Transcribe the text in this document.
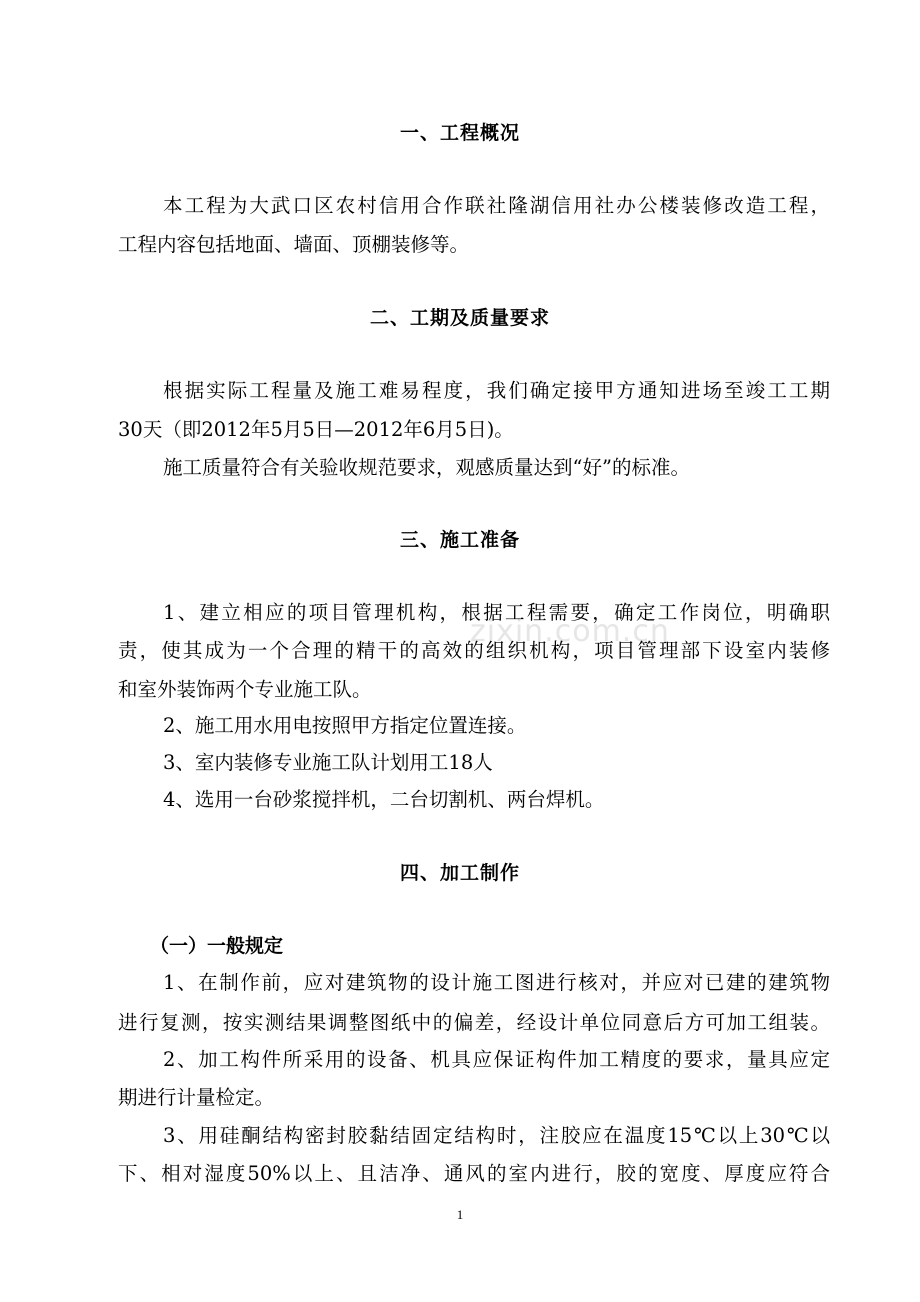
zixin.com.cn
一、工程概况
本工程为大武口区农村信用合作联社隆湖信用社办公楼装修改造工程，
工程内容包括地面、墙面、顶棚装修等。
二、工期及质量要求
根据实际工程量及施工难易程度，我们确定接甲方通知进场至竣工工期
30天（即2012年5月5日—2012年6月5日)。
施工质量符合有关验收规范要求，观感质量达到“好”的标准。
三、施工准备
1、建立相应的项目管理机构，根据工程需要，确定工作岗位，明确职
责，使其成为一个合理的精干的高效的组织机构，项目管理部下设室内装修
和室外装饰两个专业施工队。
2、施工用水用电按照甲方指定位置连接。
3、室内装修专业施工队计划用工18人
4、选用一台砂浆搅拌机，二台切割机、两台焊机。
四、加工制作
（一）一般规定
1、在制作前，应对建筑物的设计施工图进行核对，并应对已建的建筑物
进行复测，按实测结果调整图纸中的偏差，经设计单位同意后方可加工组装。
2、加工构件所采用的设备、机具应保证构件加工精度的要求，量具应定
期进行计量检定。
3、用硅酮结构密封胶黏结固定结构时，注胶应在温度15℃以上30℃以
下、相对湿度50%以上、且洁净、通风的室内进行，胶的宽度、厚度应符合
1
